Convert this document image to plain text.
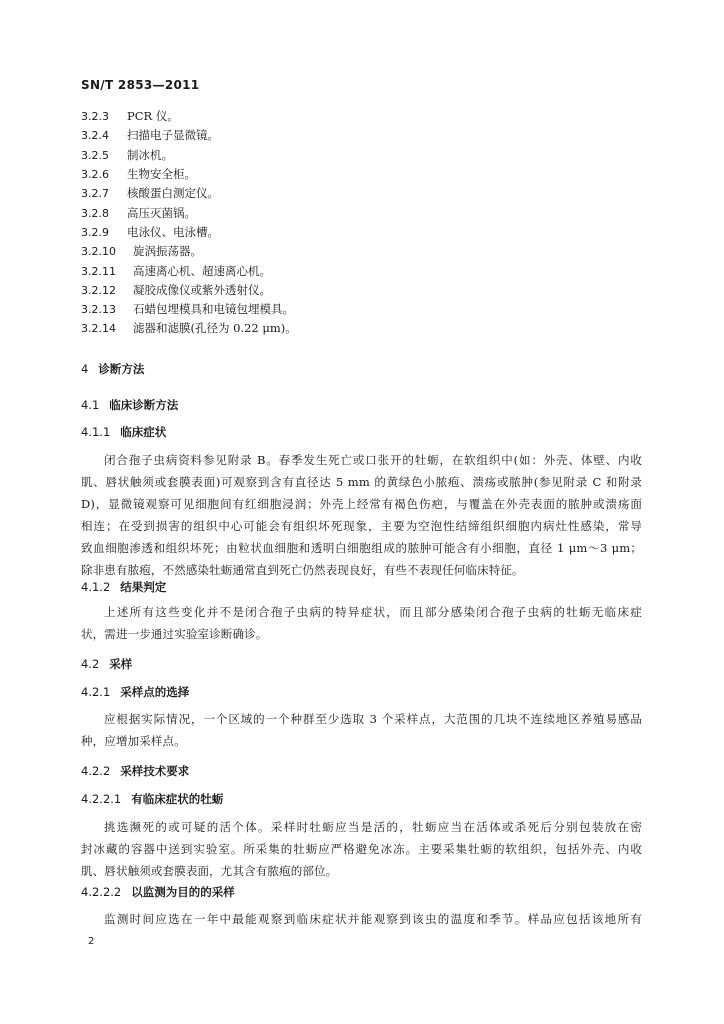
SN/T 2853—2011
3.2.3 PCR 仪。
3.2.4 扫描电子显微镜。
3.2.5 制冰机。
3.2.6 生物安全柜。
3.2.7 核酸蛋白测定仪。
3.2.8 高压灭菌锅。
3.2.9 电泳仪、电泳槽。
3.2.10 旋涡振荡器。
3.2.11 高速离心机、超速离心机。
3.2.12 凝胶成像仪或紫外透射仪。
3.2.13 石蜡包埋模具和电镜包埋模具。
3.2.14 滤器和滤膜(孔径为 0.22 μm)。
4 诊断方法
4.1 临床诊断方法
4.1.1 临床症状
闭合孢子虫病资料参见附录 B。春季发生死亡或口张开的牡蛎，在软组织中(如：外壳、体壁、内收
肌、唇状触须或套膜表面)可观察到含有直径达 5 mm 的黄绿色小脓疱、溃疡或脓肿(参见附录 C 和附录
D)，显微镜观察可见细胞间有红细胞浸润；外壳上经常有褐色伤疤，与覆盖在外壳表面的脓肿或溃疡面
相连；在受到损害的组织中心可能会有组织坏死现象，主要为空泡性结缔组织细胞内病灶性感染，常导
致血细胞渗透和组织坏死；由粒状血细胞和透明白细胞组成的脓肿可能含有小细胞，直径 1 μm～3 μm；
除非患有脓疱，不然感染牡蛎通常直到死亡仍然表现良好，有些不表现任何临床特征。
4.1.2 结果判定
上述所有这些变化并不是闭合孢子虫病的特异症状，而且部分感染闭合孢子虫病的牡蛎无临床症
状，需进一步通过实验室诊断确诊。
4.2 采样
4.2.1 采样点的选择
应根据实际情况，一个区域的一个种群至少选取 3 个采样点，大范围的几块不连续地区养殖易感品
种，应增加采样点。
4.2.2 采样技术要求
4.2.2.1 有临床症状的牡蛎
挑选濒死的或可疑的活个体。采样时牡蛎应当是活的，牡蛎应当在活体或杀死后分别包装放在密
封冰藏的容器中送到实验室。所采集的牡蛎应严格避免冰冻。主要采集牡蛎的软组织，包括外壳、内收
肌、唇状触须或套膜表面，尤其含有脓疱的部位。
4.2.2.2 以监测为目的的采样
监测时间应选在一年中最能观察到临床症状并能观察到该虫的温度和季节。样品应包括该地所有
2
